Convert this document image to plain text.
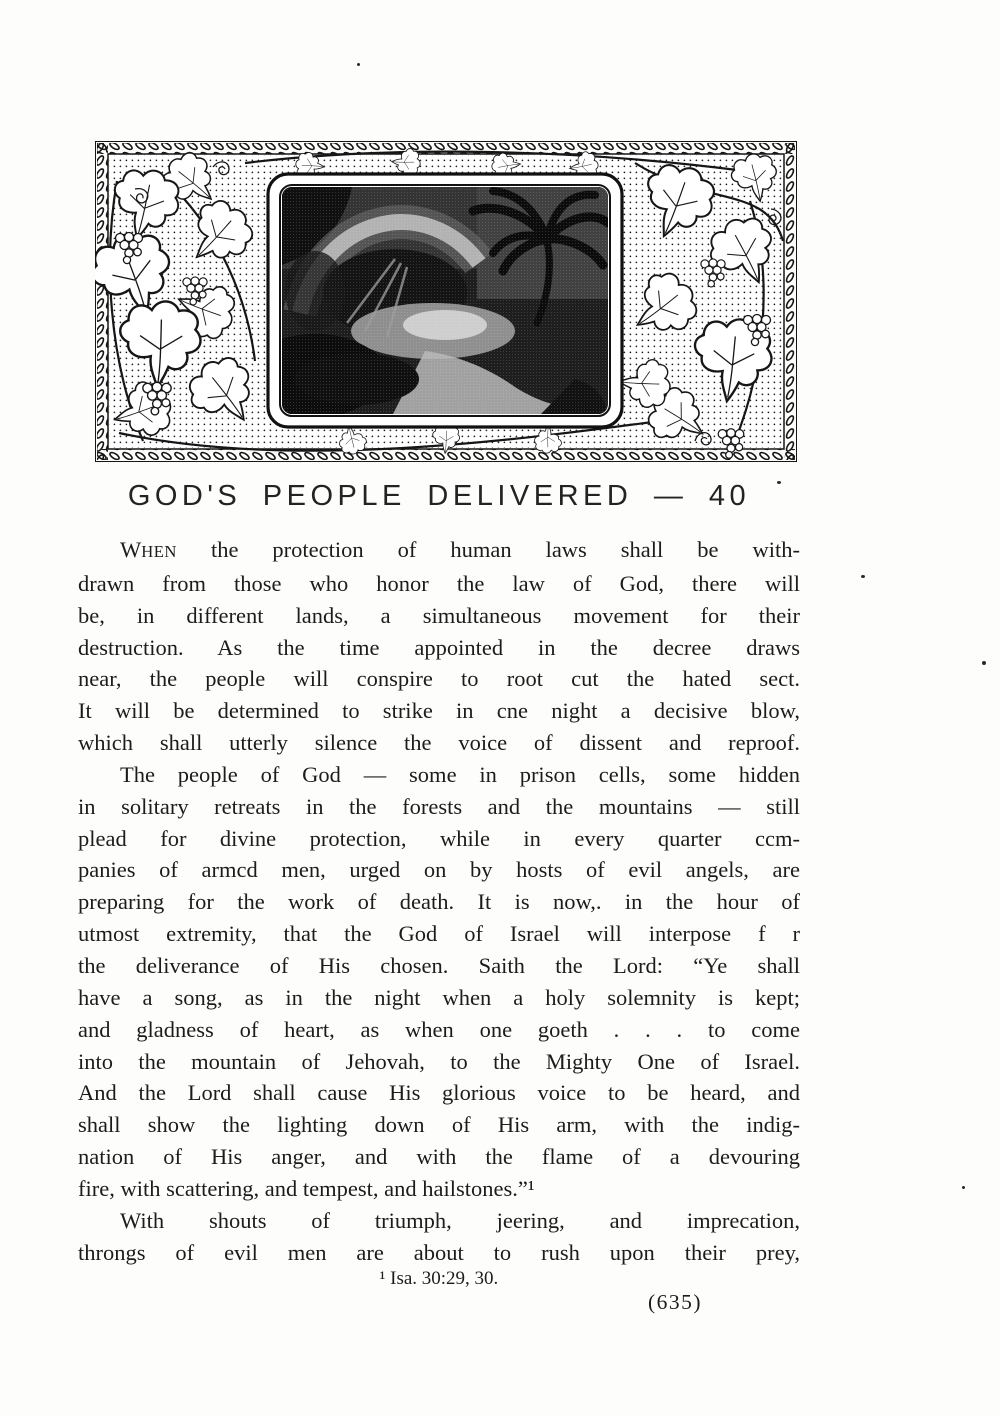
GOD'S PEOPLE DELIVERED — 40
WHEN the protection of human laws shall be with-
drawn from those who honor the law of God, there will
be, in different lands, a simultaneous movement for their
destruction. As the time appointed in the decree draws
near, the people will conspire to root cut the hated sect.
It will be determined to strike in cne night a decisive blow,
which shall utterly silence the voice of dissent and reproof.
The people of God — some in prison cells, some hidden
in solitary retreats in the forests and the mountains — still
plead for divine protection, while in every quarter ccm-
panies of armcd men, urged on by hosts of evil angels, are
preparing for the work of death. It is now,. in the hour of
utmost extremity, that the God of Israel will interpose f r
the deliverance of His chosen. Saith the Lord: “Ye shall
have a song, as in the night when a holy solemnity is kept;
and gladness of heart, as when one goeth . . . to come
into the mountain of Jehovah, to the Mighty One of Israel.
And the Lord shall cause His glorious voice to be heard, and
shall show the lighting down of His arm, with the indig-
nation of His anger, and with the flame of a devouring
fire, with scattering, and tempest, and hailstones.”¹
With shouts of triumph, jeering, and imprecation,
throngs of evil men are about to rush upon their prey,
¹ Isa. 30:29, 30.
(635)
